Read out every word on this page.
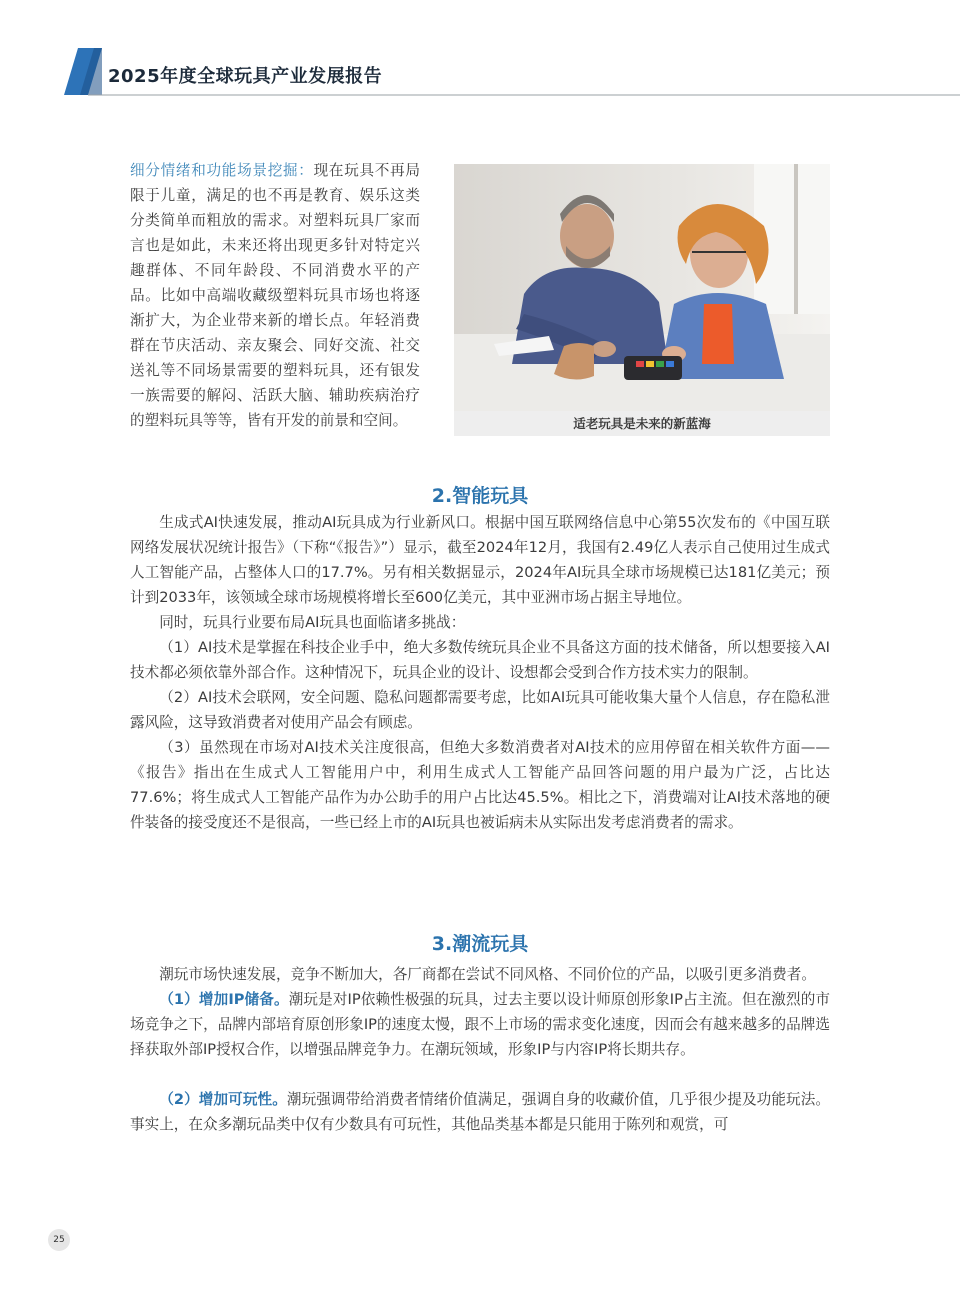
2025年度全球玩具产业发展报告
细分情绪和功能场景挖掘：现在玩具不再局限于儿童，满足的也不再是教育、娱乐这类分类简单而粗放的需求。对塑料玩具厂家而言也是如此，未来还将出现更多针对特定兴趣群体、不同年龄段、不同消费水平的产品。比如中高端收藏级塑料玩具市场也将逐渐扩大，为企业带来新的增长点。年轻消费群在节庆活动、亲友聚会、同好交流、社交送礼等不同场景需要的塑料玩具，还有银发一族需要的解闷、活跃大脑、辅助疾病治疗的塑料玩具等等，皆有开发的前景和空间。	适老玩具是未来的新蓝海
2.智能玩具

生成式AI快速发展，推动AI玩具成为行业新风口。根据中国互联网络信息中心第55次发布的《中国互联网络发展状况统计报告》（下称“《报告》”）显示，截至2024年12月，我国有2.49亿人表示自己使用过生成式人工智能产品，占整体人口的17.7%。另有相关数据显示，2024年AI玩具全球市场规模已达181亿美元；预计到2033年，该领域全球市场规模将增长至600亿美元，其中亚洲市场占据主导地位。

同时，玩具行业要布局AI玩具也面临诸多挑战：

（1）AI技术是掌握在科技企业手中，绝大多数传统玩具企业不具备这方面的技术储备，所以想要接入AI技术都必须依靠外部合作。这种情况下，玩具企业的设计、设想都会受到合作方技术实力的限制。

（2）AI技术会联网，安全问题、隐私问题都需要考虑，比如AI玩具可能收集大量个人信息，存在隐私泄露风险，这导致消费者对使用产品会有顾虑。

（3）虽然现在市场对AI技术关注度很高，但绝大多数消费者对AI技术的应用停留在相关软件方面——《报告》指出在生成式人工智能用户中，利用生成式人工智能产品回答问题的用户最为广泛，占比达77.6%；将生成式人工智能产品作为办公助手的用户占比达45.5%。相比之下，消费端对让AI技术落地的硬件装备的接受度还不是很高，一些已经上市的AI玩具也被诟病未从实际出发考虑消费者的需求。

3.潮流玩具

潮玩市场快速发展，竞争不断加大，各厂商都在尝试不同风格、不同价位的产品，以吸引更多消费者。

（1）增加IP储备。潮玩是对IP依赖性极强的玩具，过去主要以设计师原创形象IP占主流。但在激烈的市场竞争之下，品牌内部培育原创形象IP的速度太慢，跟不上市场的需求变化速度，因而会有越来越多的品牌选择获取外部IP授权合作，以增强品牌竞争力。在潮玩领域，形象IP与内容IP将长期共存。

（2）增加可玩性。潮玩强调带给消费者情绪价值满足，强调自身的收藏价值，几乎很少提及功能玩法。事实上，在众多潮玩品类中仅有少数具有可玩性，其他品类基本都是只能用于陈列和观赏，可

25
